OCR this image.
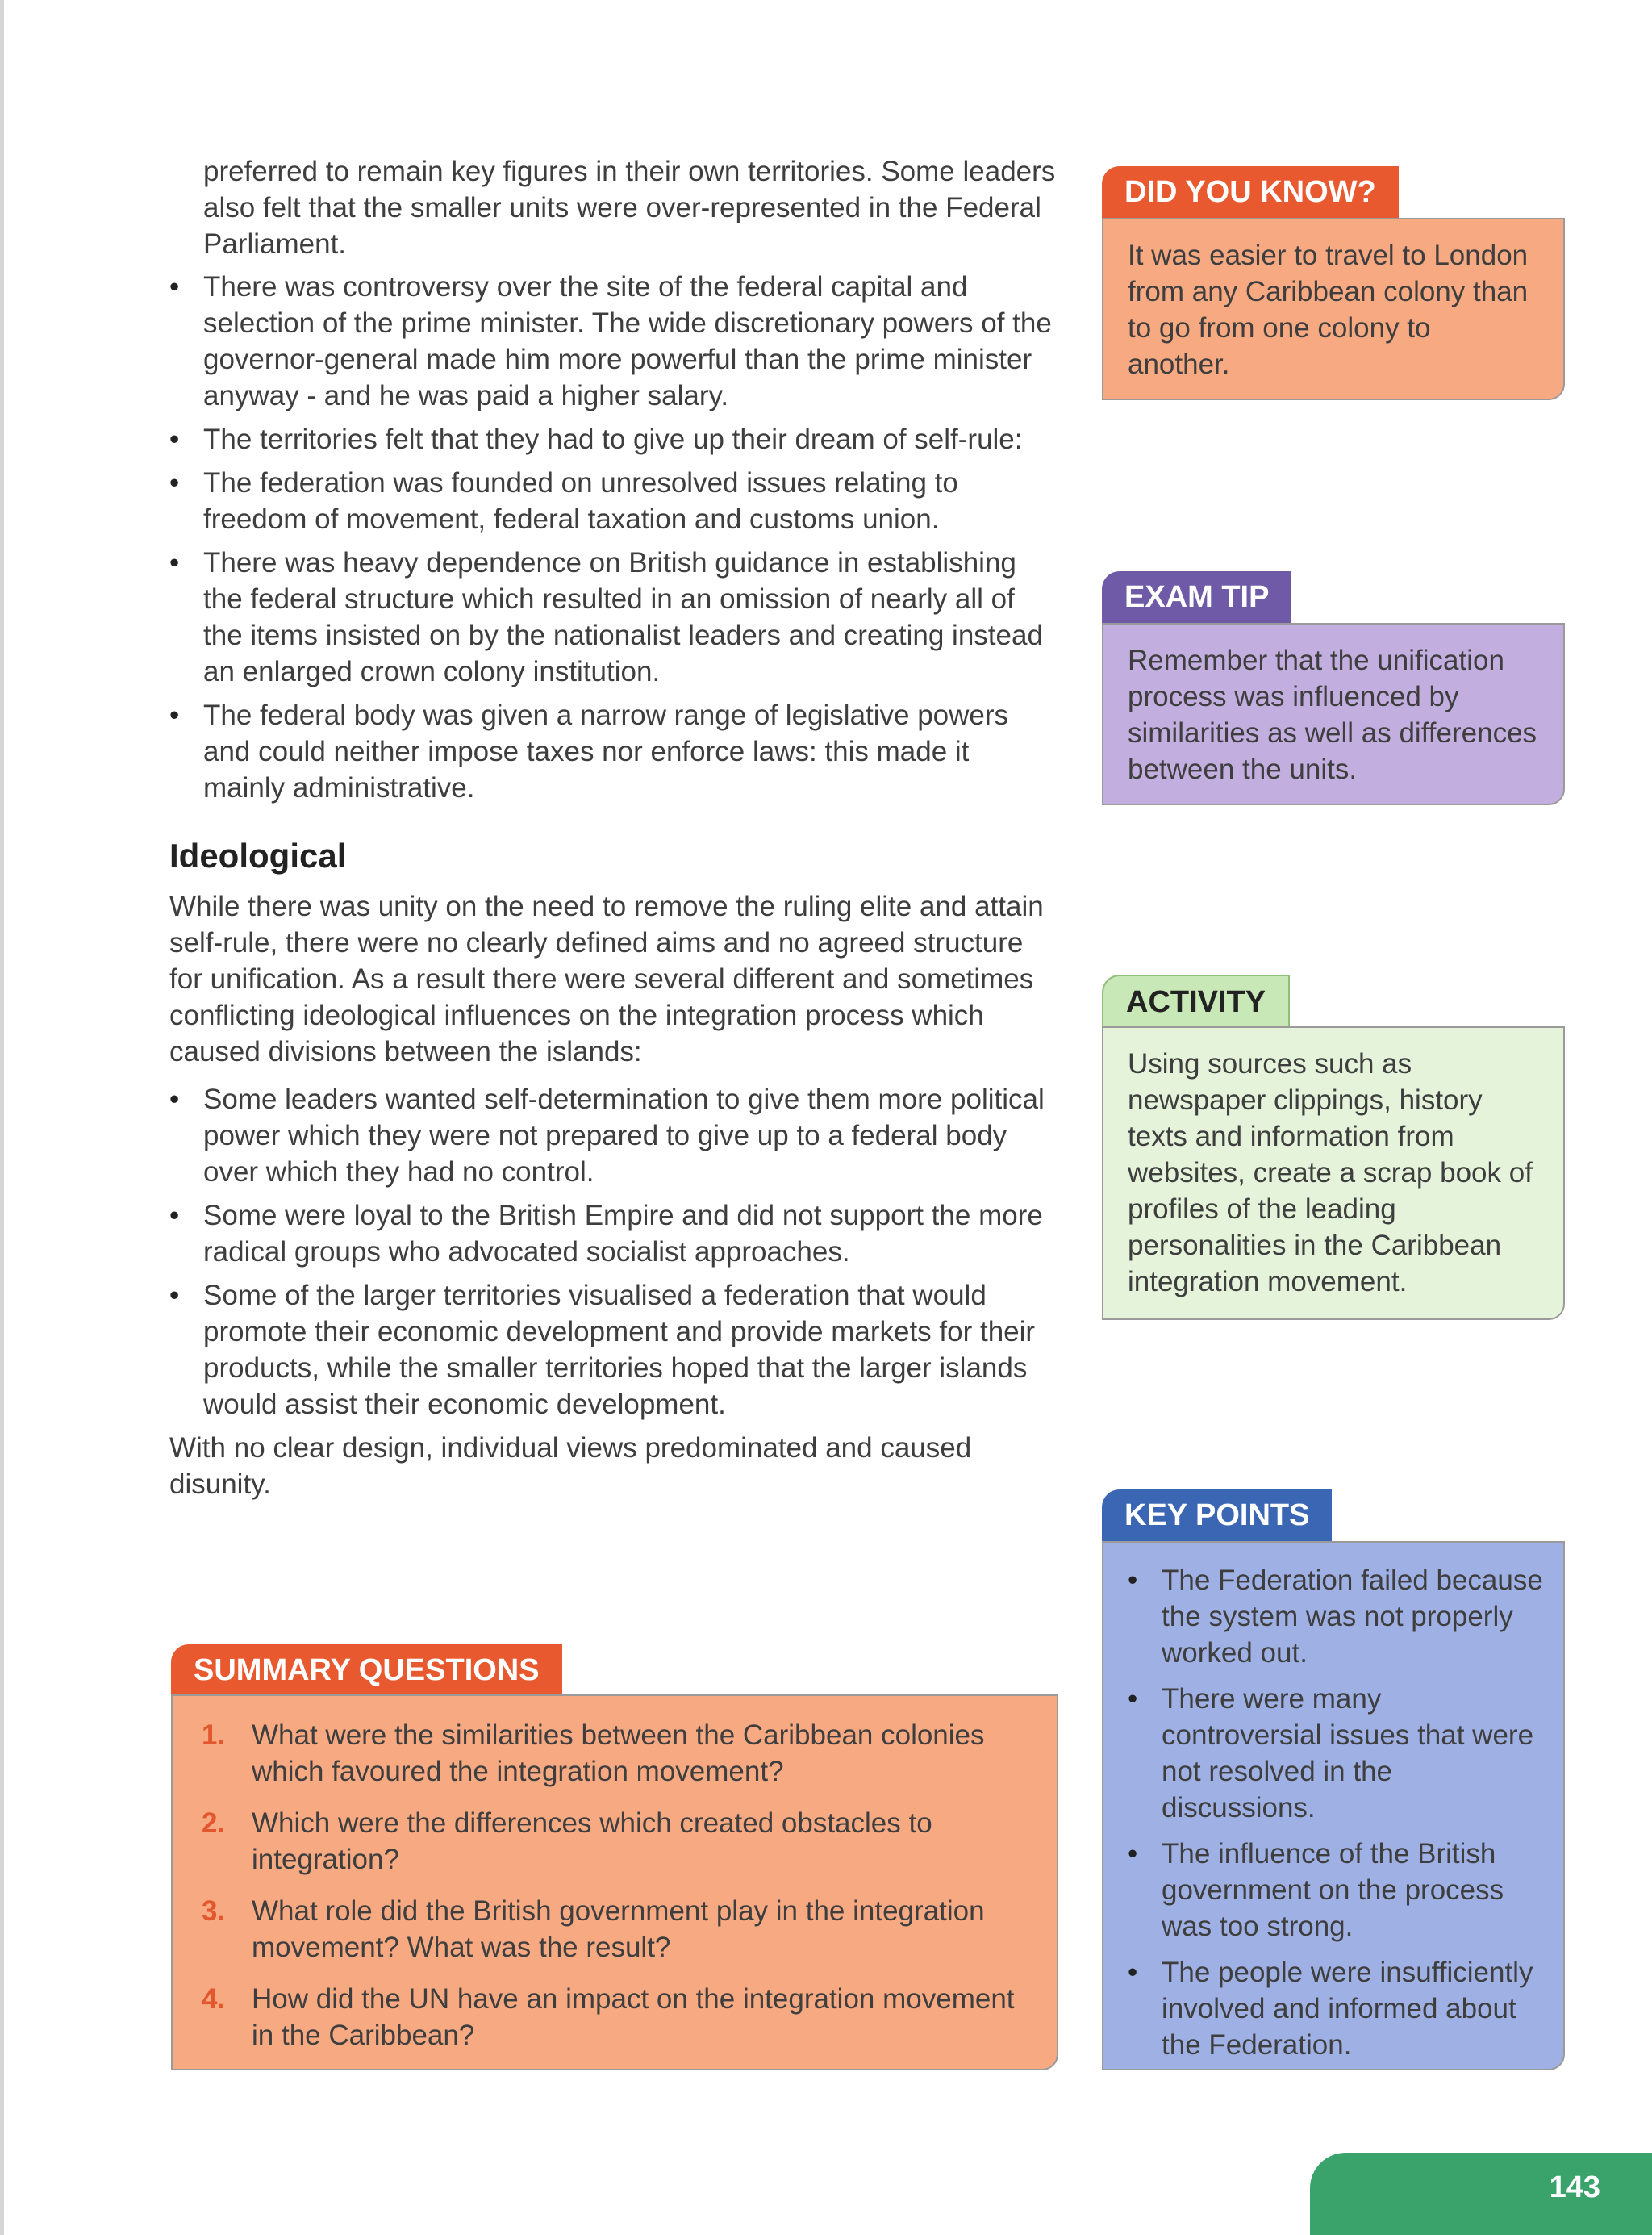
preferred to remain key figures in their own territories. Some leaders also felt that the smaller units were over-represented in the Federal Parliament.

• There was controversy over the site of the federal capital and selection of the prime minister. The wide discretionary powers of the governor-general made him more powerful than the prime minister anyway - and he was paid a higher salary.
• The territories felt that they had to give up their dream of self-rule:
• The federation was founded on unresolved issues relating to freedom of movement, federal taxation and customs union.
• There was heavy dependence on British guidance in establishing the federal structure which resulted in an omission of nearly all of the items insisted on by the nationalist leaders and creating instead an enlarged crown colony institution.
• The federal body was given a narrow range of legislative powers and could neither impose taxes nor enforce laws: this made it mainly administrative.
Ideological

While there was unity on the need to remove the ruling elite and attain self-rule, there were no clearly defined aims and no agreed structure for unification. As a result there were several different and sometimes conflicting ideological influences on the integration process which caused divisions between the islands:

• Some leaders wanted self-determination to give them more political power which they were not prepared to give up to a federal body over which they had no control.
• Some were loyal to the British Empire and did not support the more radical groups who advocated socialist approaches.
• Some of the larger territories visualised a federation that would promote their economic development and provide markets for their products, while the smaller territories hoped that the larger islands would assist their economic development.

With no clear design, individual views predominated and caused disunity.

SUMMARY QUESTIONS
1. What were the similarities between the Caribbean colonies which favoured the integration movement?
2. Which were the differences which created obstacles to integration?
3. What role did the British government play in the integration movement? What was the result?
4. How did the UN have an impact on the integration movement in the Caribbean?
DID YOU KNOW?

It was easier to travel to London from any Caribbean colony than to go from one colony to another.

EXAM TIP

Remember that the unification process was influenced by similarities as well as differences between the units.

ACTIVITY

Using sources such as newspaper clippings, history texts and information from websites, create a scrap book of profiles of the leading personalities in the Caribbean integration movement.

KEY POINTS
• The Federation failed because the system was not properly worked out.
• There were many controversial issues that were not resolved in the discussions.
• The influence of the British government on the process was too strong.
• The people were insufficiently involved and informed about the Federation.
143
